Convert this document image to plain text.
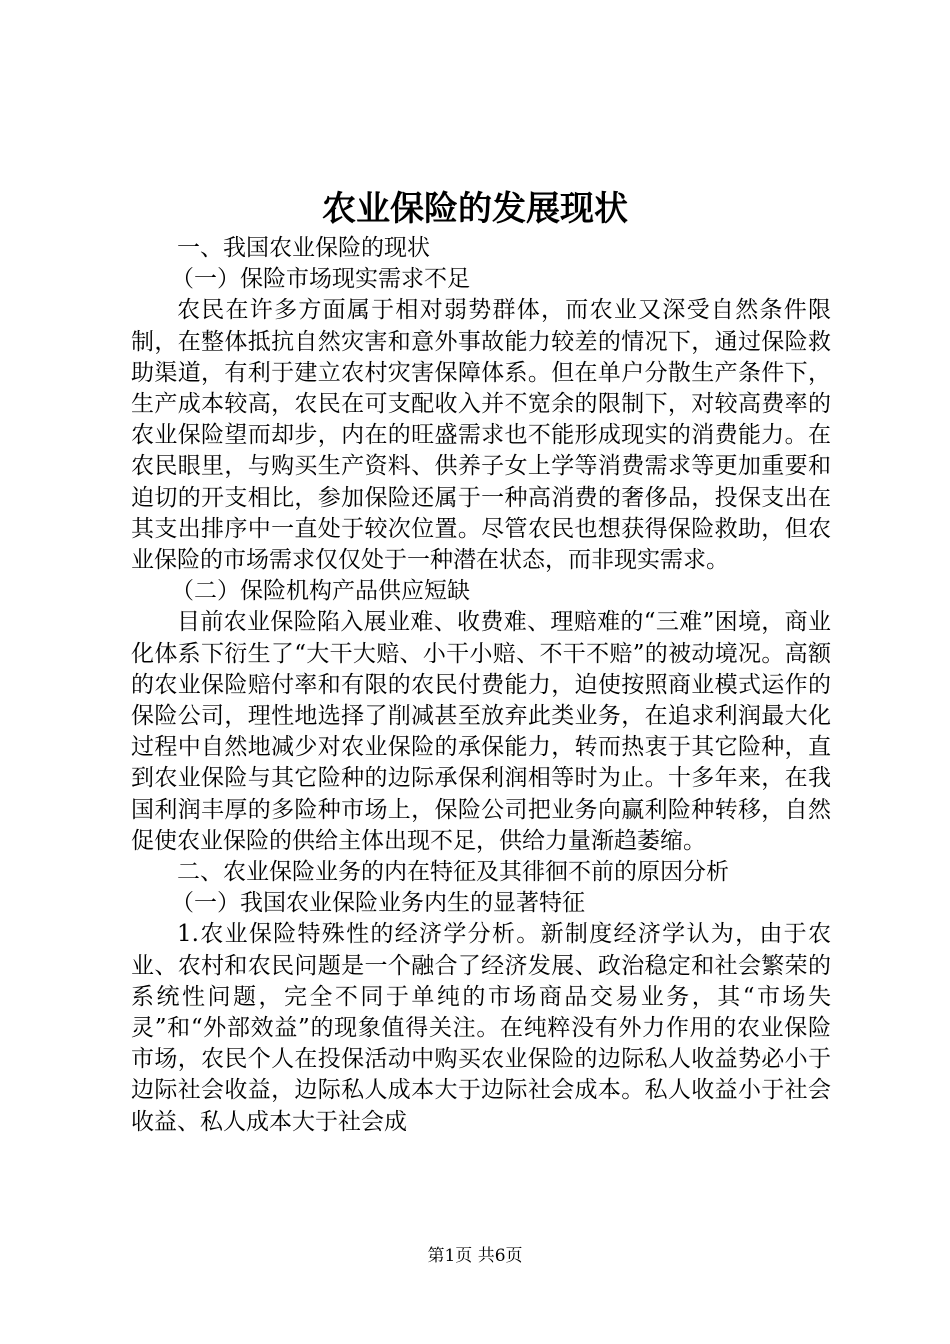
农业保险的发展现状

一、我国农业保险的现状

（一）保险市场现实需求不足

农民在许多方面属于相对弱势群体，而农业又深受自然条件限制，在整体抵抗自然灾害和意外事故能力较差的情况下，通过保险救助渠道，有利于建立农村灾害保障体系。但在单户分散生产条件下，生产成本较高，农民在可支配收入并不宽余的限制下，对较高费率的农业保险望而却步，内在的旺盛需求也不能形成现实的消费能力。在农民眼里，与购买生产资料、供养子女上学等消费需求等更加重要和迫切的开支相比，参加保险还属于一种高消费的奢侈品，投保支出在其支出排序中一直处于较次位置。尽管农民也想获得保险救助，但农业保险的市场需求仅仅处于一种潜在状态，而非现实需求。

（二）保险机构产品供应短缺

目前农业保险陷入展业难、收费难、理赔难的“三难”困境，商业化体系下衍生了“大干大赔、小干小赔、不干不赔”的被动境况。高额的农业保险赔付率和有限的农民付费能力，迫使按照商业模式运作的保险公司，理性地选择了削减甚至放弃此类业务，在追求利润最大化过程中自然地减少对农业保险的承保能力，转而热衷于其它险种，直到农业保险与其它险种的边际承保利润相等时为止。十多年来，在我国利润丰厚的多险种市场上，保险公司把业务向赢利险种转移，自然促使农业保险的供给主体出现不足，供给力量渐趋萎缩。

二、农业保险业务的内在特征及其徘徊不前的原因分析

（一）我国农业保险业务内生的显著特征

1.农业保险特殊性的经济学分析。新制度经济学认为，由于农业、农村和农民问题是一个融合了经济发展、政治稳定和社会繁荣的系统性问题，完全不同于单纯的市场商品交易业务，其“市场失灵”和“外部效益”的现象值得关注。在纯粹没有外力作用的农业保险市场，农民个人在投保活动中购买农业保险的边际私人收益势必小于边际社会收益，边际私人成本大于边际社会成本。私人收益小于社会收益、私人成本大于社会成

第1页 共6页
